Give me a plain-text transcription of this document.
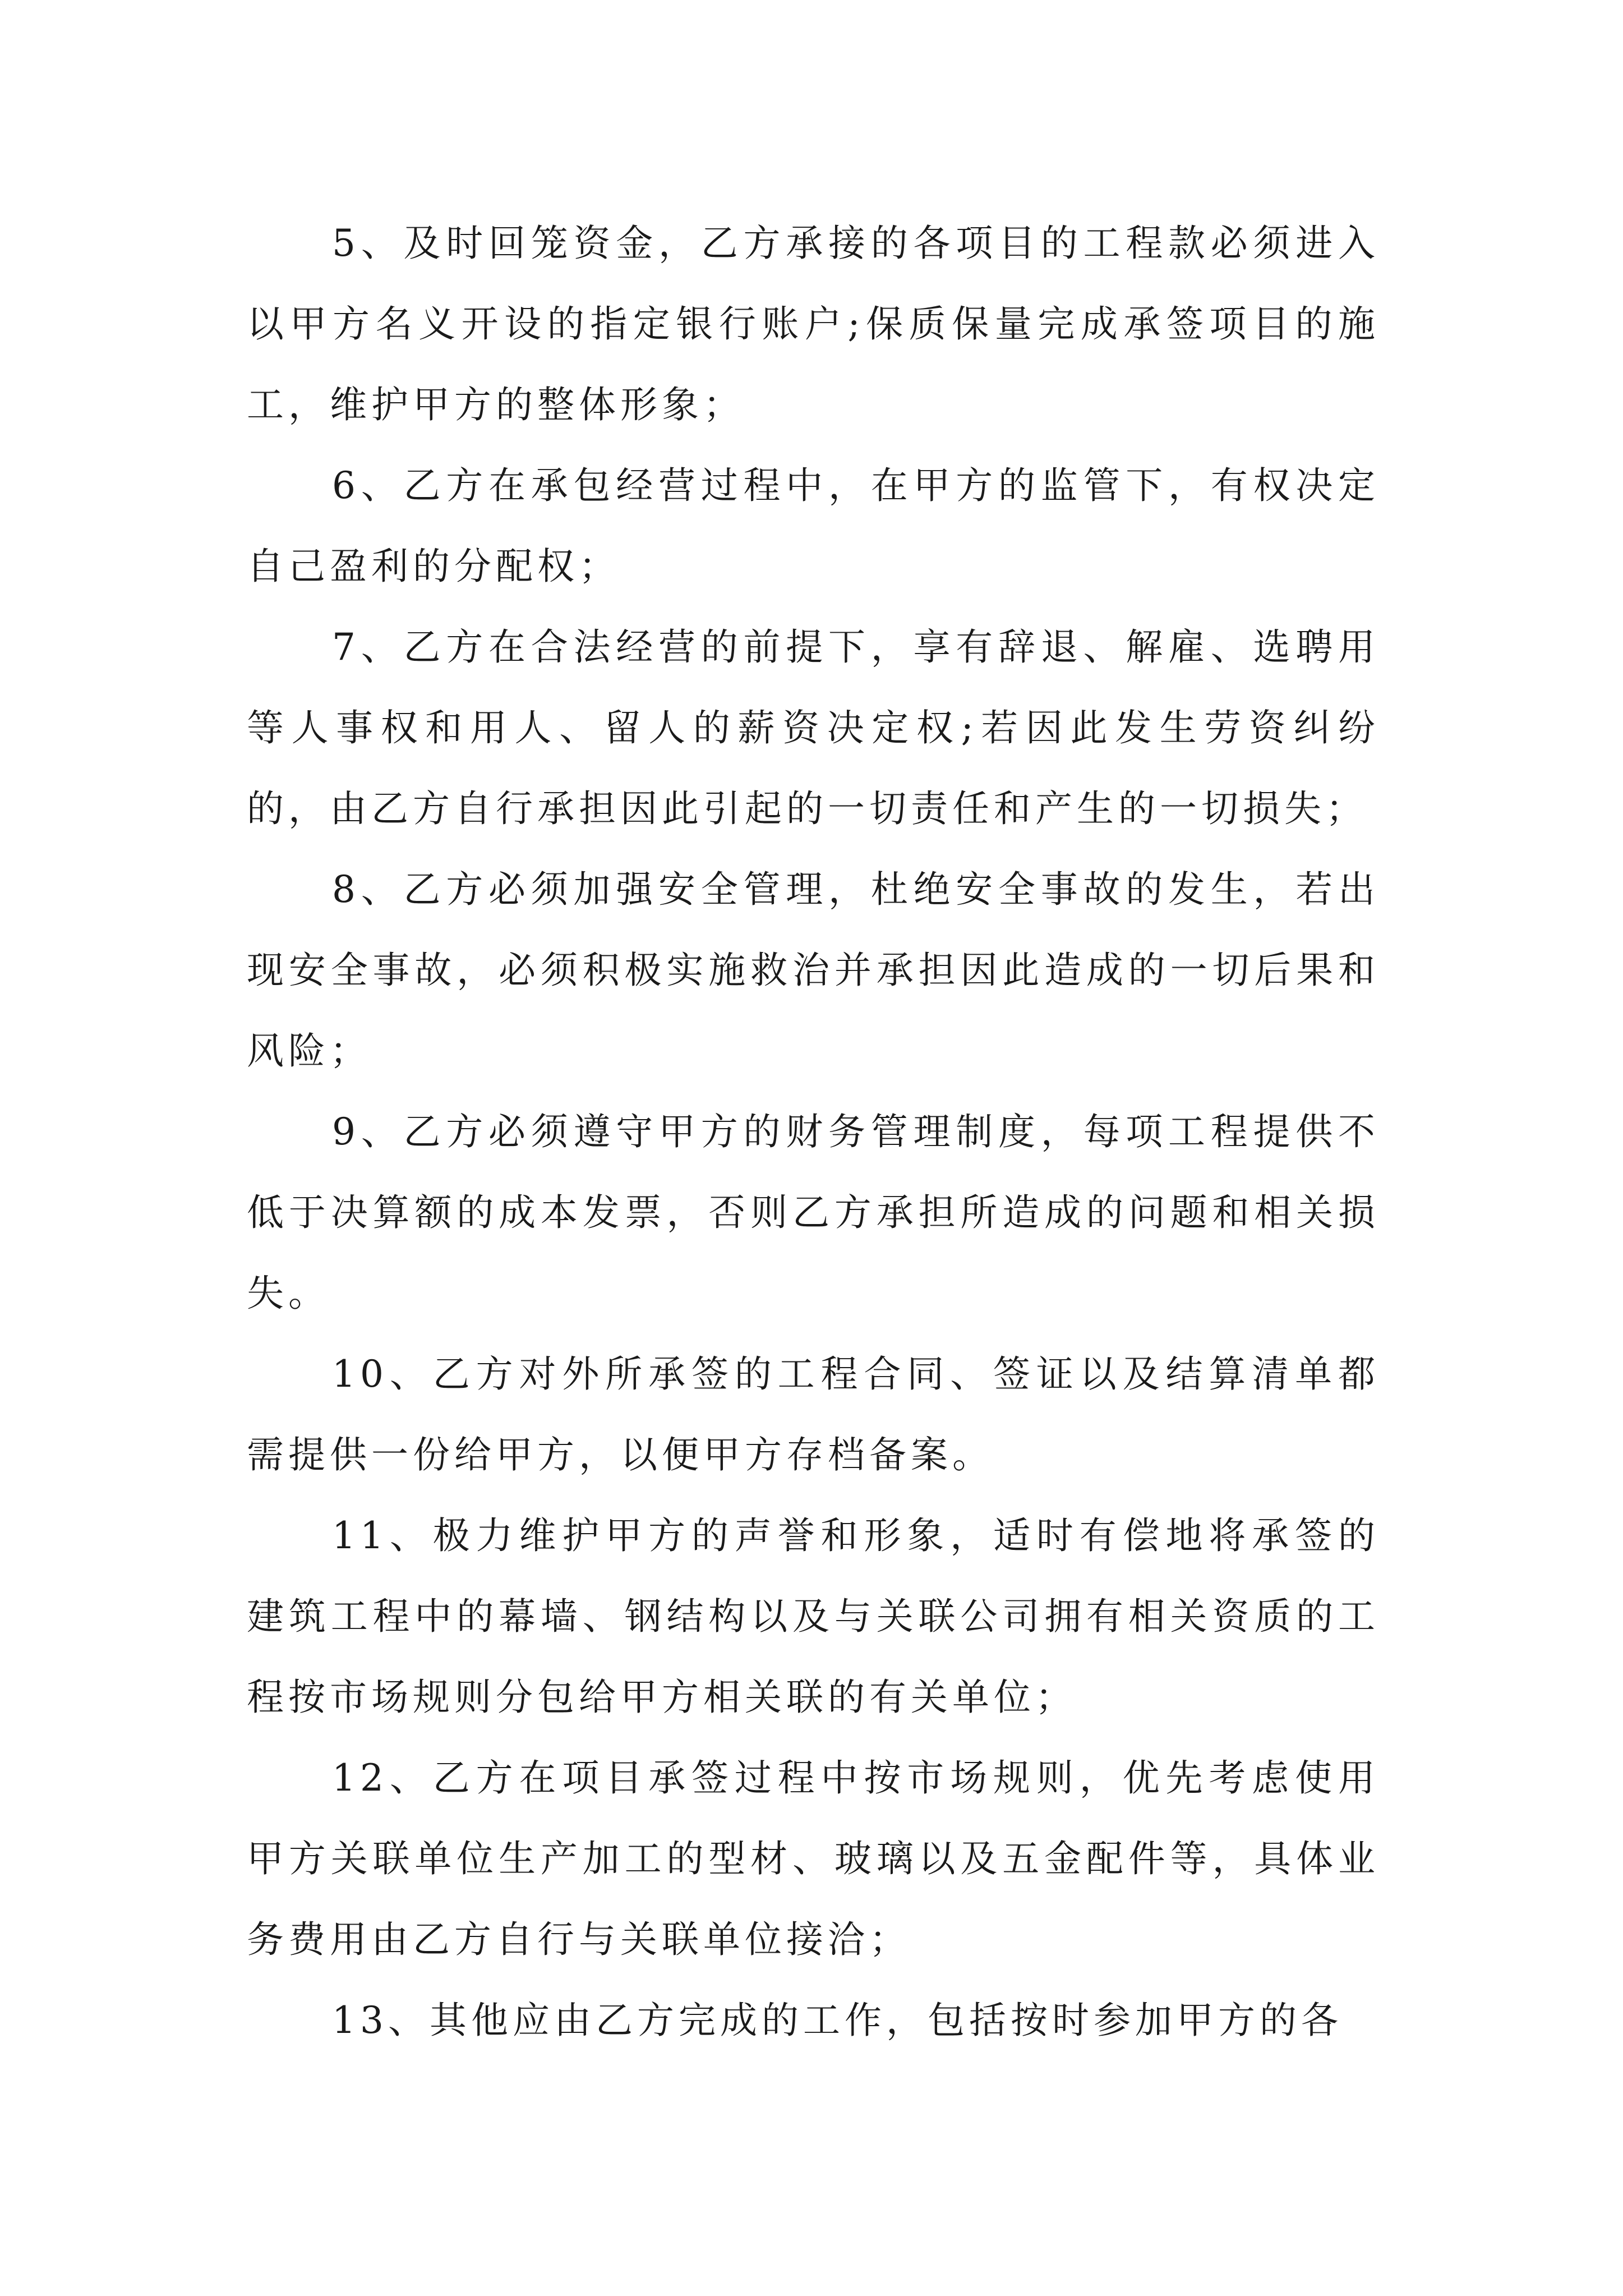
5、及时回笼资金，乙方承接的各项目的工程款必须进入以甲方名义开设的指定银行账户;保质保量完成承签项目的施工，维护甲方的整体形象；

6、乙方在承包经营过程中，在甲方的监管下，有权决定自己盈利的分配权；

7、乙方在合法经营的前提下，享有辞退、解雇、选聘用等人事权和用人、留人的薪资决定权;若因此发生劳资纠纷的，由乙方自行承担因此引起的一切责任和产生的一切损失；

8、乙方必须加强安全管理，杜绝安全事故的发生，若出现安全事故，必须积极实施救治并承担因此造成的一切后果和风险；

9、乙方必须遵守甲方的财务管理制度，每项工程提供不低于决算额的成本发票，否则乙方承担所造成的问题和相关损失。

10、乙方对外所承签的工程合同、签证以及结算清单都需提供一份给甲方，以便甲方存档备案。

11、极力维护甲方的声誉和形象，适时有偿地将承签的建筑工程中的幕墙、钢结构以及与关联公司拥有相关资质的工程按市场规则分包给甲方相关联的有关单位；

12、乙方在项目承签过程中按市场规则，优先考虑使用甲方关联单位生产加工的型材、玻璃以及五金配件等，具体业务费用由乙方自行与关联单位接洽；

13、其他应由乙方完成的工作，包括按时参加甲方的各
